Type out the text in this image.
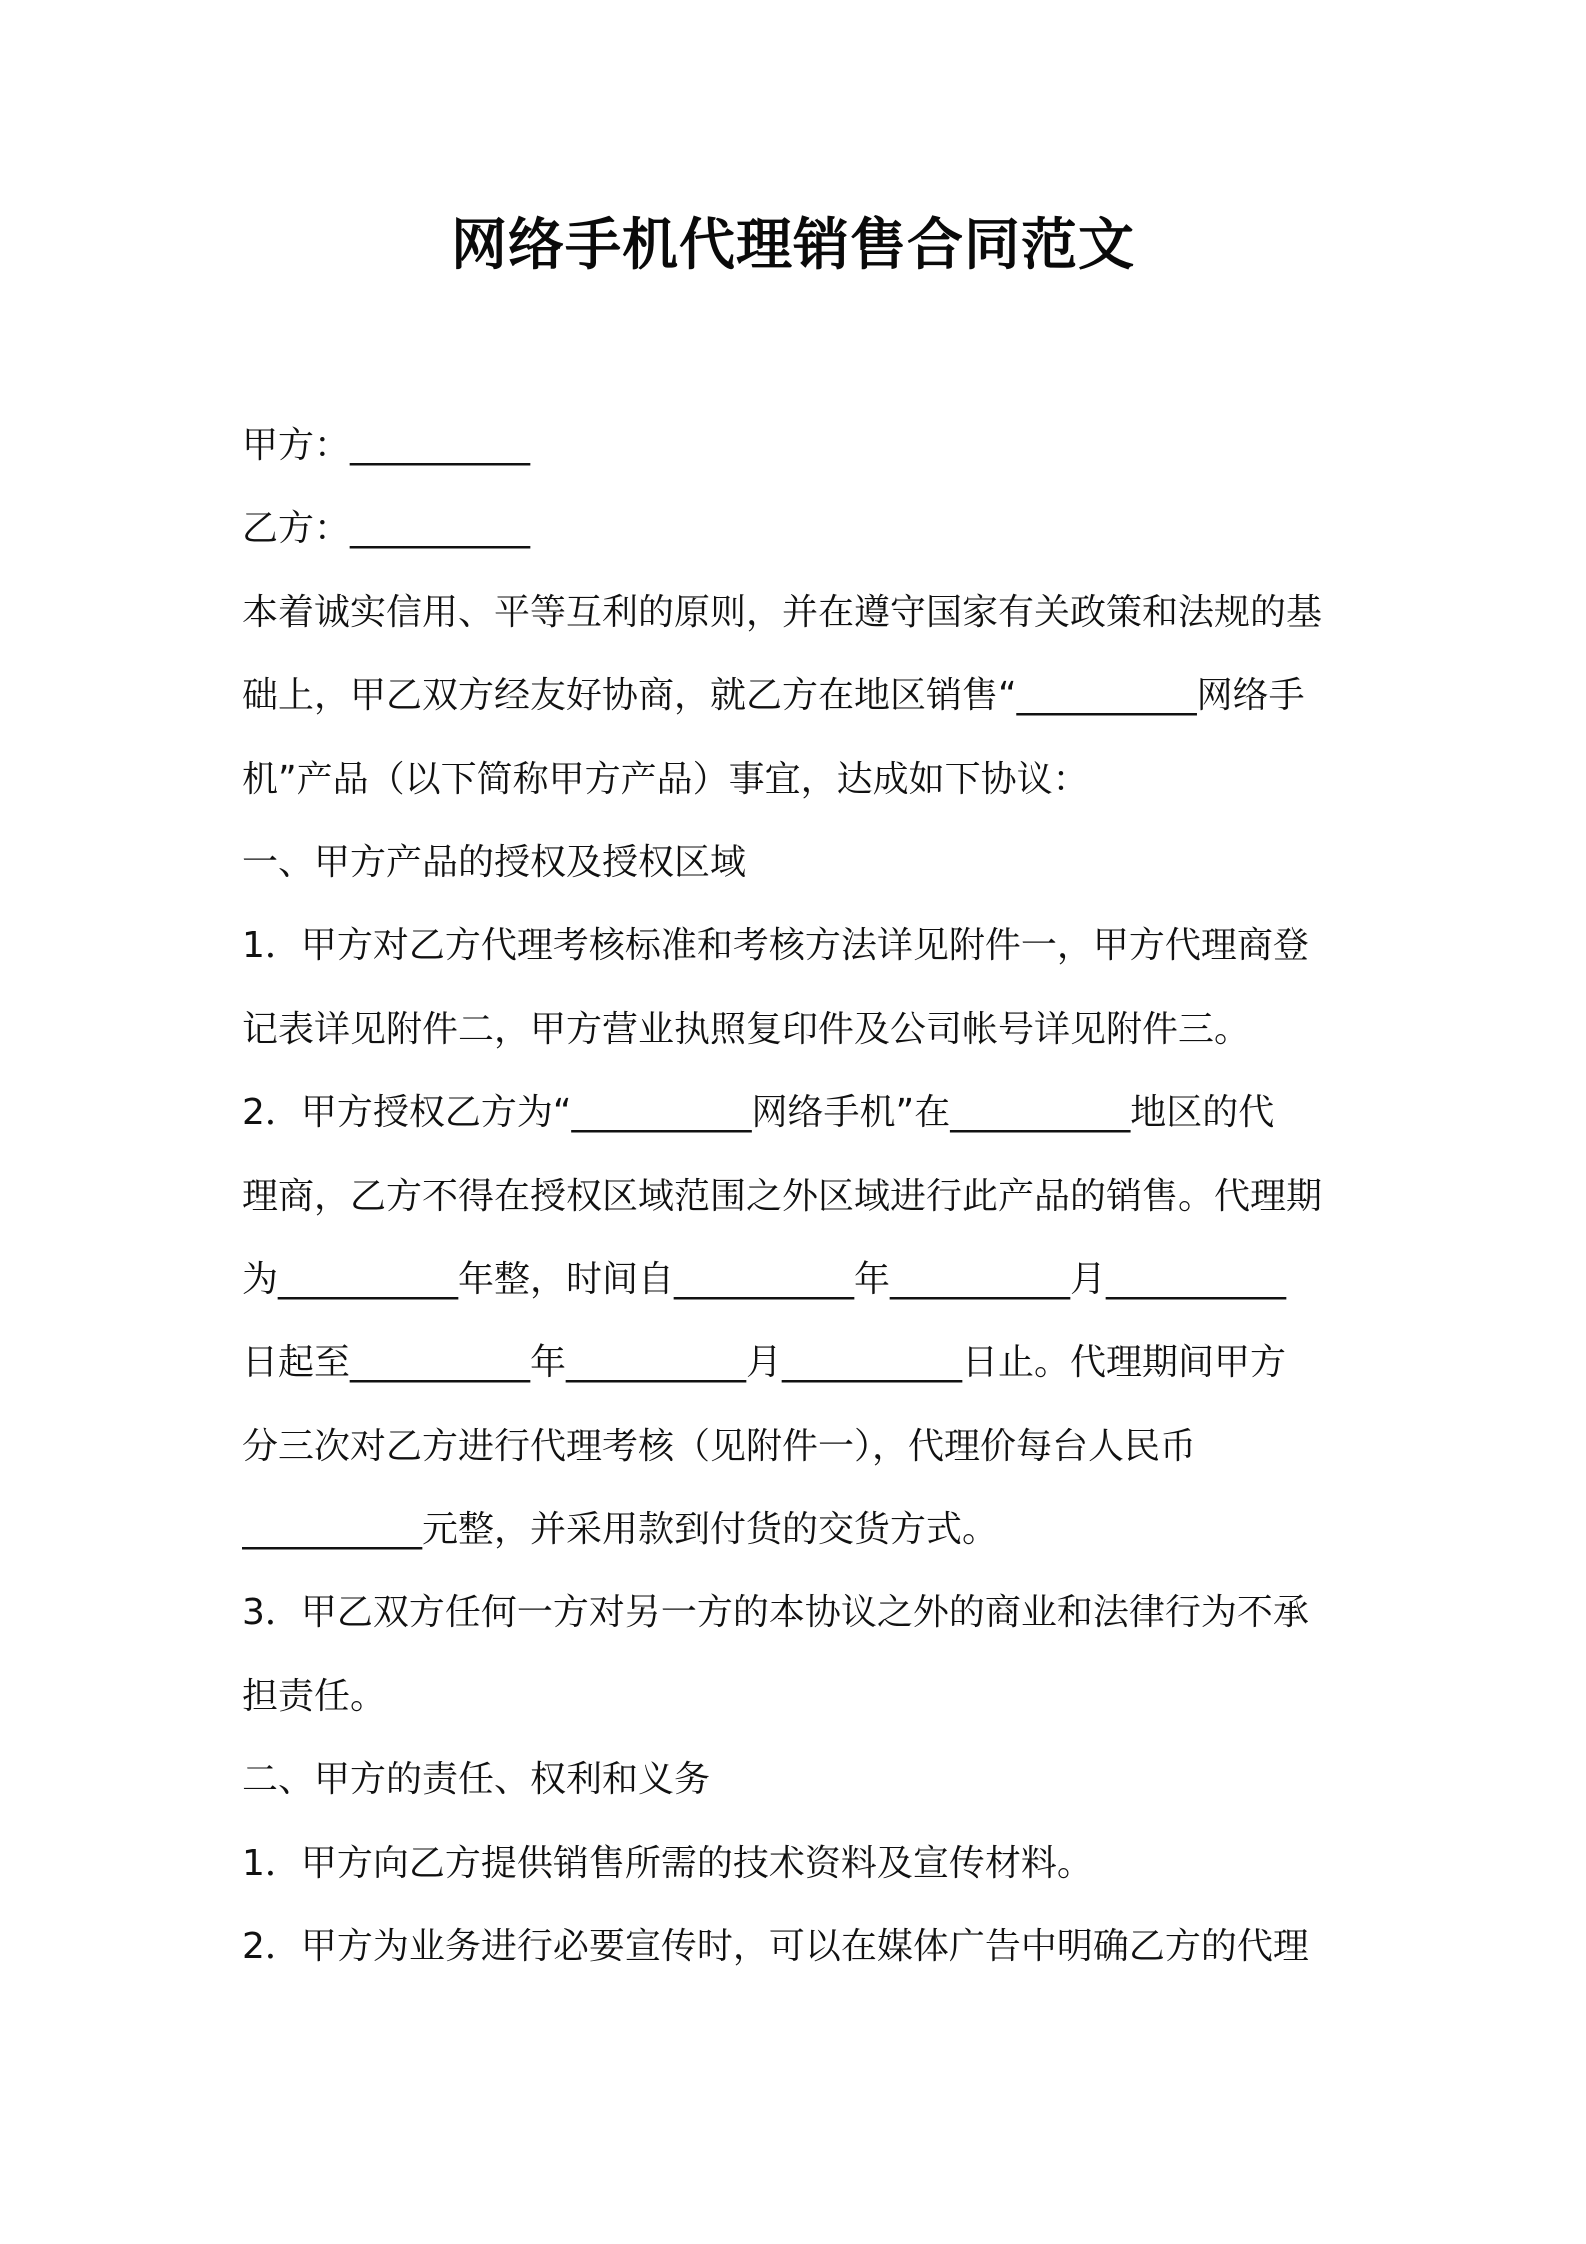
网络手机代理销售合同范文
甲方：__________
乙方：__________
本着诚实信用、平等互利的原则，并在遵守国家有关政策和法规的基
础上，甲乙双方经友好协商，就乙方在地区销售“__________网络手
机”产品（以下简称甲方产品）事宜，达成如下协议：
一、甲方产品的授权及授权区域
1．甲方对乙方代理考核标准和考核方法详见附件一，甲方代理商登
记表详见附件二，甲方营业执照复印件及公司帐号详见附件三。
2．甲方授权乙方为“__________网络手机”在__________地区的代
理商，乙方不得在授权区域范围之外区域进行此产品的销售。代理期
为__________年整，时间自__________年__________月__________
日起至__________年__________月__________日止。代理期间甲方
分三次对乙方进行代理考核（见附件一），代理价每台人民币
__________元整，并采用款到付货的交货方式。
3．甲乙双方任何一方对另一方的本协议之外的商业和法律行为不承
担责任。
二、甲方的责任、权利和义务
1．甲方向乙方提供销售所需的技术资料及宣传材料。
2．甲方为业务进行必要宣传时，可以在媒体广告中明确乙方的代理
